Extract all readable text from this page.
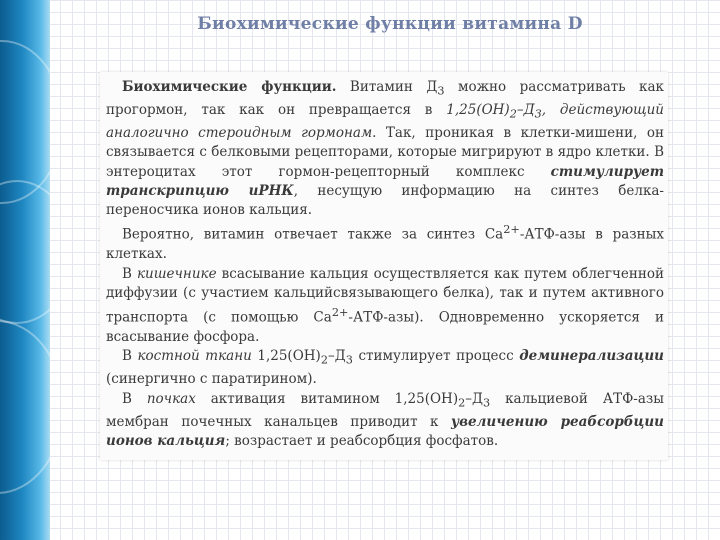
Биохимические функции витамина D

Биохимические функции. Витамин $Д_3$ можно рассматривать как прогормон, так как он превращается в $1,25(ОН)_2-Д_3$, действующий аналогично стероидным гормонам. Так, проникая в клетки-мишени, он связывается с белковыми рецепторами, которые мигрируют в ядро клетки. В энтероцитах этот гормон-рецепторный комплекс стимулирует транскрипцию иРНК, несущую информацию на синтез белка-переносчика ионов кальция.

Вероятно, витамин отвечает также за синтез $Са^{2+}-АТФ$-азы в разных клетках.

В кишечнике всасывание кальция осуществляется как путем облегченной диффузии (с участием кальцийсвязывающего белка), так и путем активного транспорта (с помощью $Са^{2+}-АТФ-азы$). Одновременно ускоряется и всасывание фосфора.

В костной ткани $1,25(ОН)_2-Д_3$ стимулирует процесс деминерализации (синергично с паратирином).

В почках активация витамином $1,25(ОН)_2-Д_3$ кальциевой АТФ-азы мембран почечных канальцев приводит к увеличению реабсорбции ионов кальция; возрастает и реабсорбция фосфатов.
